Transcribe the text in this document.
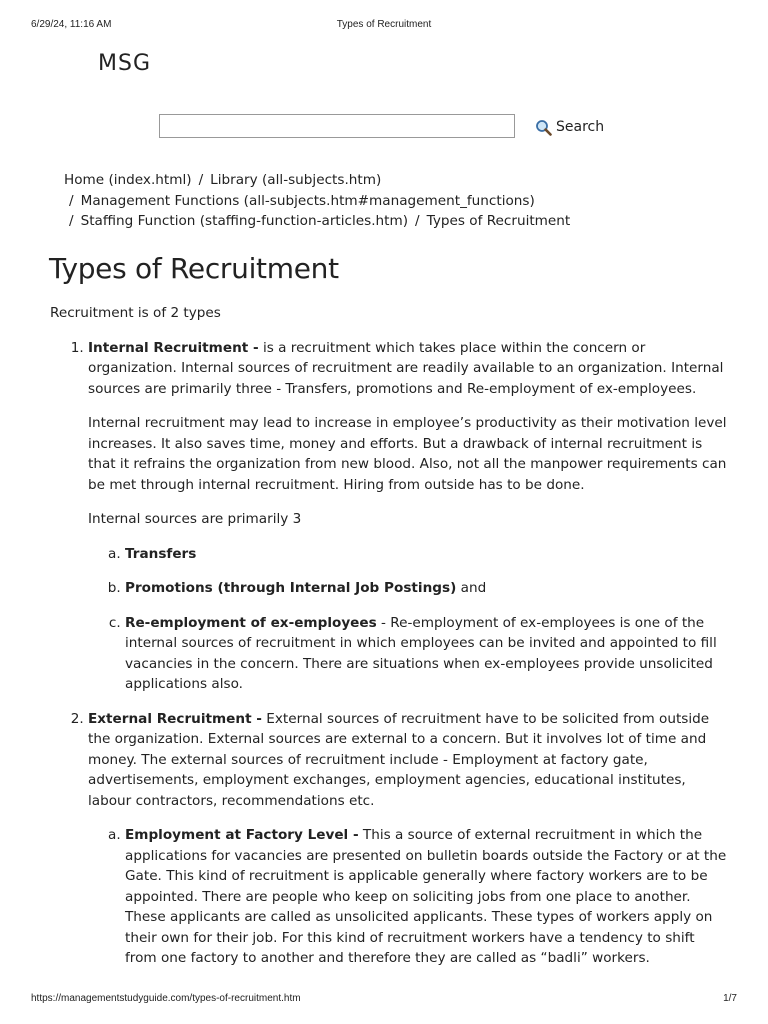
6/29/24, 11:16 AM	Types of Recruitment
MSG
Search
Home (index.html) / Library (all-subjects.htm)
/ Management Functions (all-subjects.htm#management_functions)
/ Staffing Function (staffing-function-articles.htm) / Types of Recruitment
Types of Recruitment

Recruitment is of 2 types

1. Internal Recruitment - is a recruitment which takes place within the concern or organization. Internal sources of recruitment are readily available to an organization. Internal sources are primarily three - Transfers, promotions and Re-employment of ex-employees.

Internal recruitment may lead to increase in employee’s productivity as their motivation level increases. It also saves time, money and efforts. But a drawback of internal recruitment is that it refrains the organization from new blood. Also, not all the manpower requirements can be met through internal recruitment. Hiring from outside has to be done.

Internal sources are primarily 3

a. Transfers
b. Promotions (through Internal Job Postings) and
c. Re-employment of ex-employees - Re-employment of ex-employees is one of the internal sources of recruitment in which employees can be invited and appointed to fill vacancies in the concern. There are situations when ex-employees provide unsolicited applications also.

2. External Recruitment - External sources of recruitment have to be solicited from outside the organization. External sources are external to a concern. But it involves lot of time and money. The external sources of recruitment include - Employment at factory gate, advertisements, employment exchanges, employment agencies, educational institutes, labour contractors, recommendations etc.

a. Employment at Factory Level - This a source of external recruitment in which the applications for vacancies are presented on bulletin boards outside the Factory or at the Gate. This kind of recruitment is applicable generally where factory workers are to be appointed. There are people who keep on soliciting jobs from one place to another. These applicants are called as unsolicited applicants. These types of workers apply on their own for their job. For this kind of recruitment workers have a tendency to shift from one factory to another and therefore they are called as “badli” workers.
https://managementstudyguide.com/types-of-recruitment.htm	1/7
